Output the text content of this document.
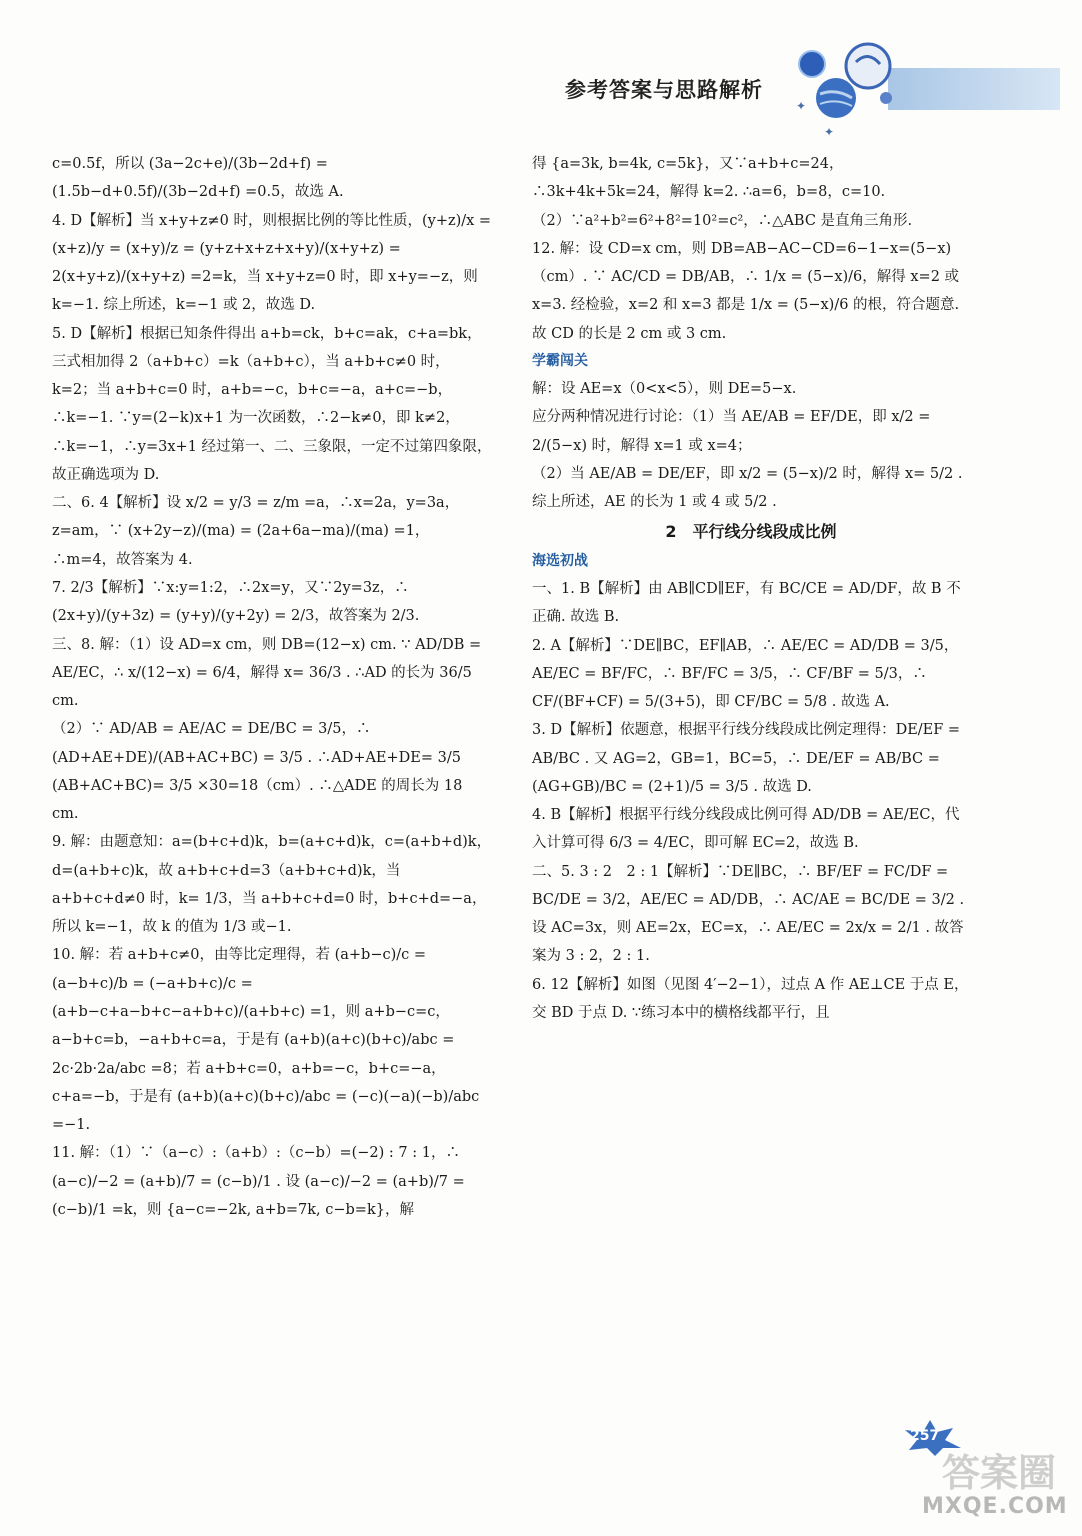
✦
✦
参考答案与思路解析

c=0.5f，所以 (3a−2c+e)/(3b−2d+f) = (1.5b−d+0.5f)/(3b−2d+f) =0.5，故选 A.

4. D【解析】当 x+y+z≠0 时，则根据比例的等比性质，(y+z)/x = (x+z)/y = (x+y)/z = (y+z+x+z+x+y)/(x+y+z) = 2(x+y+z)/(x+y+z) =2=k，当 x+y+z=0 时，即 x+y=−z，则 k=−1. 综上所述，k=−1 或 2，故选 D.

5. D【解析】根据已知条件得出 a+b=ck，b+c=ak，c+a=bk，三式相加得 2（a+b+c）=k（a+b+c），当 a+b+c≠0 时，k=2；当 a+b+c=0 时，a+b=−c，b+c=−a，a+c=−b，∴k=−1. ∵y=(2−k)x+1 为一次函数，∴2−k≠0，即 k≠2，∴k=−1，∴y=3x+1 经过第一、二、三象限，一定不过第四象限，故正确选项为 D.

二、6. 4【解析】设 x/2 = y/3 = z/m =a，∴x=2a，y=3a，z=am，∵ (x+2y−z)/(ma) = (2a+6a−ma)/(ma) =1，∴m=4，故答案为 4.

7. 2/3【解析】∵x:y=1:2，∴2x=y，又∵2y=3z，∴ (2x+y)/(y+3z) = (y+y)/(y+2y) = 2/3，故答案为 2/3.

三、8. 解：（1）设 AD=x cm，则 DB=(12−x) cm. ∵ AD/DB = AE/EC，∴ x/(12−x) = 6/4，解得 x= 36/3 . ∴AD 的长为 36/5 cm.

（2）∵ AD/AB = AE/AC = DE/BC = 3/5，∴ (AD+AE+DE)/(AB+AC+BC) = 3/5 . ∴AD+AE+DE= 3/5 (AB+AC+BC)= 3/5 ×30=18（cm）. ∴△ADE 的周长为 18 cm.

9. 解：由题意知：a=(b+c+d)k，b=(a+c+d)k，c=(a+b+d)k，d=(a+b+c)k，故 a+b+c+d=3（a+b+c+d)k，当 a+b+c+d≠0 时，k= 1/3，当 a+b+c+d=0 时，b+c+d=−a，所以 k=−1，故 k 的值为 1/3 或−1.

10. 解：若 a+b+c≠0，由等比定理得，若 (a+b−c)/c = (a−b+c)/b = (−a+b+c)/c = (a+b−c+a−b+c−a+b+c)/(a+b+c) =1，则 a+b−c=c，a−b+c=b，−a+b+c=a，于是有 (a+b)(a+c)(b+c)/abc = 2c·2b·2a/abc =8；若 a+b+c=0，a+b=−c，b+c=−a，c+a=−b，于是有 (a+b)(a+c)(b+c)/abc = (−c)(−a)(−b)/abc =−1.

11. 解：（1）∵（a−c）:（a+b）:（c−b）=(−2) : 7 : 1，∴ (a−c)/−2 = (a+b)/7 = (c−b)/1 . 设 (a−c)/−2 = (a+b)/7 = (c−b)/1 =k，则 {a−c=−2k, a+b=7k, c−b=k}，解

得 {a=3k, b=4k, c=5k}，又∵a+b+c=24，∴3k+4k+5k=24，解得 k=2. ∴a=6，b=8，c=10.

（2）∵a²+b²=6²+8²=10²=c²，∴△ABC 是直角三角形.

12. 解：设 CD=x cm，则 DB=AB−AC−CD=6−1−x=(5−x)（cm）. ∵ AC/CD = DB/AB，∴ 1/x = (5−x)/6，解得 x=2 或 x=3. 经检验，x=2 和 x=3 都是 1/x = (5−x)/6 的根，符合题意. 故 CD 的长是 2 cm 或 3 cm.

学霸闯关

解：设 AE=x（0<x<5），则 DE=5−x.

应分两种情况进行讨论：（1）当 AE/AB = EF/DE，即 x/2 = 2/(5−x) 时，解得 x=1 或 x=4；

（2）当 AE/AB = DE/EF，即 x/2 = (5−x)/2 时，解得 x= 5/2 . 综上所述，AE 的长为 1 或 4 或 5/2 .

2　平行线分线段成比例

海选初战

一、1. B【解析】由 AB∥CD∥EF，有 BC/CE = AD/DF，故 B 不正确. 故选 B.

2. A【解析】∵DE∥BC，EF∥AB，∴ AE/EC = AD/DB = 3/5，AE/EC = BF/FC，∴ BF/FC = 3/5，∴ CF/BF = 5/3，∴ CF/(BF+CF) = 5/(3+5)，即 CF/BC = 5/8 . 故选 A.

3. D【解析】依题意，根据平行线分线段成比例定理得：DE/EF = AB/BC . 又 AG=2，GB=1，BC=5，∴ DE/EF = AB/BC = (AG+GB)/BC = (2+1)/5 = 3/5 . 故选 D.

4. B【解析】根据平行线分线段成比例可得 AD/DB = AE/EC，代入计算可得 6/3 = 4/EC，即可解 EC=2，故选 B.

二、5. 3 : 2　2 : 1【解析】∵DE∥BC，∴ BF/EF = FC/DF = BC/DE = 3/2，AE/EC = AD/DB，∴ AC/AE = BC/DE = 3/2 . 设 AC=3x，则 AE=2x，EC=x，∴ AE/EC = 2x/x = 2/1 . 故答案为 3 : 2，2 : 1.

6. 12【解析】如图（见图 4′−2−1），过点 A 作 AE⊥CE 于点 E，交 BD 于点 D. ∵练习本中的横格线都平行，且

257
答案圈
MXQE.COM
